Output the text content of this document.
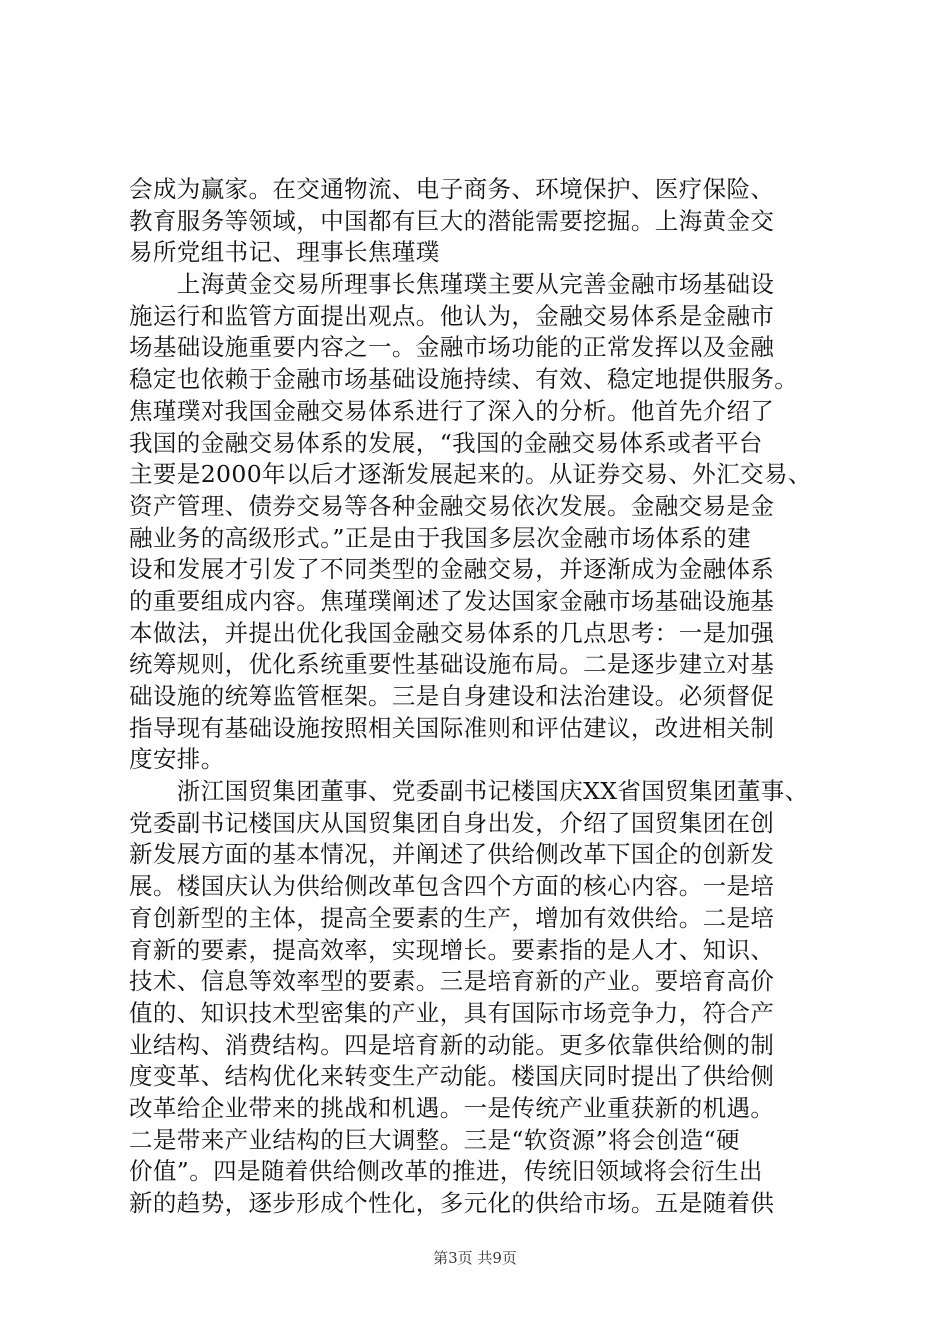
会成为赢家。在交通物流、电子商务、环境保护、医疗保险、
教育服务等领域，中国都有巨大的潜能需要挖掘。上海黄金交
易所党组书记、理事长焦瑾璞
　　上海黄金交易所理事长焦瑾璞主要从完善金融市场基础设
施运行和监管方面提出观点。他认为，金融交易体系是金融市
场基础设施重要内容之一。金融市场功能的正常发挥以及金融
稳定也依赖于金融市场基础设施持续、有效、稳定地提供服务。
焦瑾璞对我国金融交易体系进行了深入的分析。他首先介绍了
我国的金融交易体系的发展，“我国的金融交易体系或者平台
主要是2000年以后才逐渐发展起来的。从证券交易、外汇交易、
资产管理、债券交易等各种金融交易依次发展。金融交易是金
融业务的高级形式。”正是由于我国多层次金融市场体系的建
设和发展才引发了不同类型的金融交易，并逐渐成为金融体系
的重要组成内容。焦瑾璞阐述了发达国家金融市场基础设施基
本做法，并提出优化我国金融交易体系的几点思考：一是加强
统筹规则，优化系统重要性基础设施布局。二是逐步建立对基
础设施的统筹监管框架。三是自身建设和法治建设。必须督促
指导现有基础设施按照相关国际准则和评估建议，改进相关制
度安排。
　　浙江国贸集团董事、党委副书记楼国庆XX省国贸集团董事、
党委副书记楼国庆从国贸集团自身出发，介绍了国贸集团在创
新发展方面的基本情况，并阐述了供给侧改革下国企的创新发
展。楼国庆认为供给侧改革包含四个方面的核心内容。一是培
育创新型的主体，提高全要素的生产，增加有效供给。二是培
育新的要素，提高效率，实现增长。要素指的是人才、知识、
技术、信息等效率型的要素。三是培育新的产业。要培育高价
值的、知识技术型密集的产业，具有国际市场竞争力，符合产
业结构、消费结构。四是培育新的动能。更多依靠供给侧的制
度变革、结构优化来转变生产动能。楼国庆同时提出了供给侧
改革给企业带来的挑战和机遇。一是传统产业重获新的机遇。
二是带来产业结构的巨大调整。三是“软资源”将会创造“硬
价值”。四是随着供给侧改革的推进，传统旧领域将会衍生出
新的趋势，逐步形成个性化，多元化的供给市场。五是随着供
第3页 共9页
